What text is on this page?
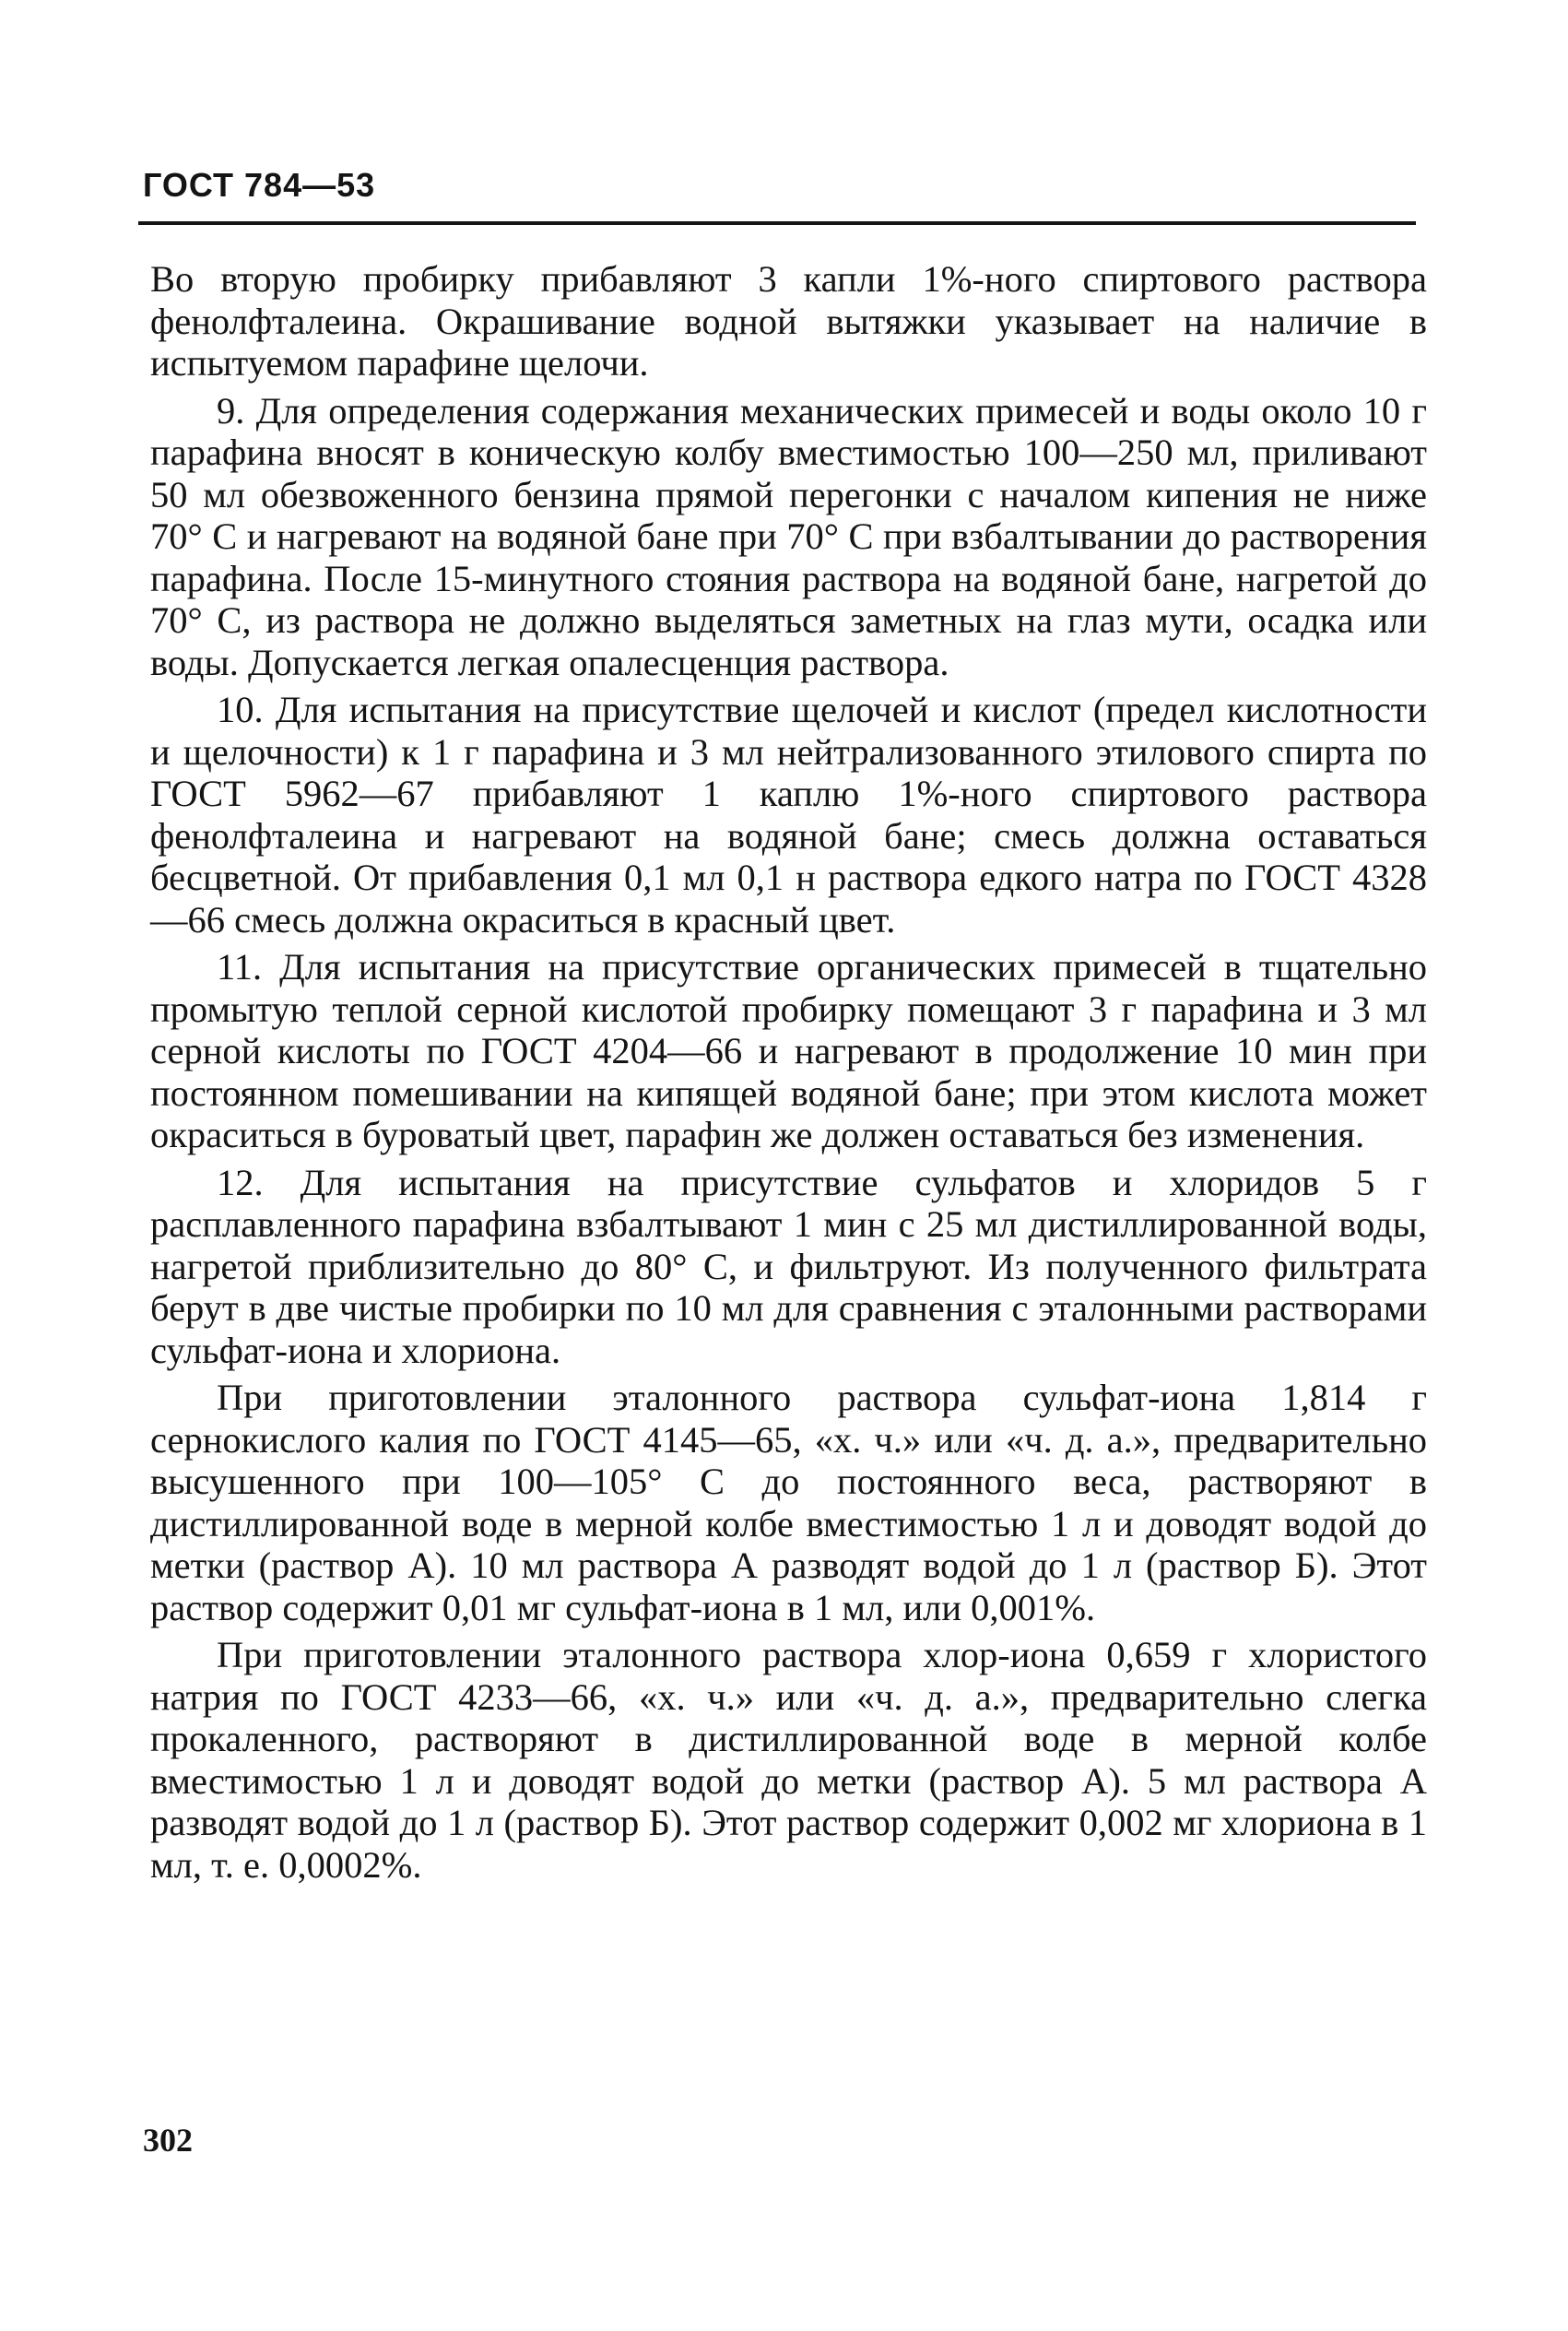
ГОСТ 784—53

Во вторую пробирку прибавляют 3 капли 1%-ного спиртового раствора фенолфталеина. Окрашивание водной вытяжки указывает на наличие в испытуемом парафине щелочи.

9. Для определения содержания механических примесей и воды около 10 г парафина вносят в коническую колбу вместимостью 100—250 мл, приливают 50 мл обезвоженного бензина прямой перегонки с началом кипения не ниже 70° С и нагревают на водяной бане при 70° С при взбалтывании до растворения парафина. После 15-минутного стояния раствора на водяной бане, нагретой до 70° С, из раствора не должно выделяться заметных на глаз мути, осадка или воды. Допускается легкая опалесценция раствора.

10. Для испытания на присутствие щелочей и кислот (предел кислотности и щелочности) к 1 г парафина и 3 мл нейтрализованного этилового спирта по ГОСТ 5962—67 прибавляют 1 каплю 1%-ного спиртового раствора фенолфталеина и нагревают на водяной бане; смесь должна оставаться бесцветной. От прибавления 0,1 мл 0,1 н раствора едкого натра по ГОСТ 4328—66 смесь должна окраситься в красный цвет.

11. Для испытания на присутствие органических примесей в тщательно промытую теплой серной кислотой пробирку помещают 3 г парафина и 3 мл серной кислоты по ГОСТ 4204—66 и нагревают в продолжение 10 мин при постоянном помешивании на кипящей водяной бане; при этом кислота может окраситься в буроватый цвет, парафин же должен оставаться без изменения.

12. Для испытания на присутствие сульфатов и хлоридов 5 г расплавленного парафина взбалтывают 1 мин с 25 мл дистиллированной воды, нагретой приблизительно до 80° С, и фильтруют. Из полученного фильтрата берут в две чистые пробирки по 10 мл для сравнения с эталонными растворами сульфат-иона и хлориона.

При приготовлении эталонного раствора сульфат-иона 1,814 г сернокислого калия по ГОСТ 4145—65, «х. ч.» или «ч. д. а.», предварительно высушенного при 100—105° С до постоянного веса, растворяют в дистиллированной воде в мерной колбе вместимостью 1 л и доводят водой до метки (раствор А). 10 мл раствора А разводят водой до 1 л (раствор Б). Этот раствор содержит 0,01 мг сульфат-иона в 1 мл, или 0,001%.

При приготовлении эталонного раствора хлор-иона 0,659 г хлористого натрия по ГОСТ 4233—66, «х. ч.» или «ч. д. а.», предварительно слегка прокаленного, растворяют в дистиллированной воде в мерной колбе вместимостью 1 л и доводят водой до метки (раствор А). 5 мл раствора А разводят водой до 1 л (раствор Б). Этот раствор содержит 0,002 мг хлориона в 1 мл, т. е. 0,0002%.

302
